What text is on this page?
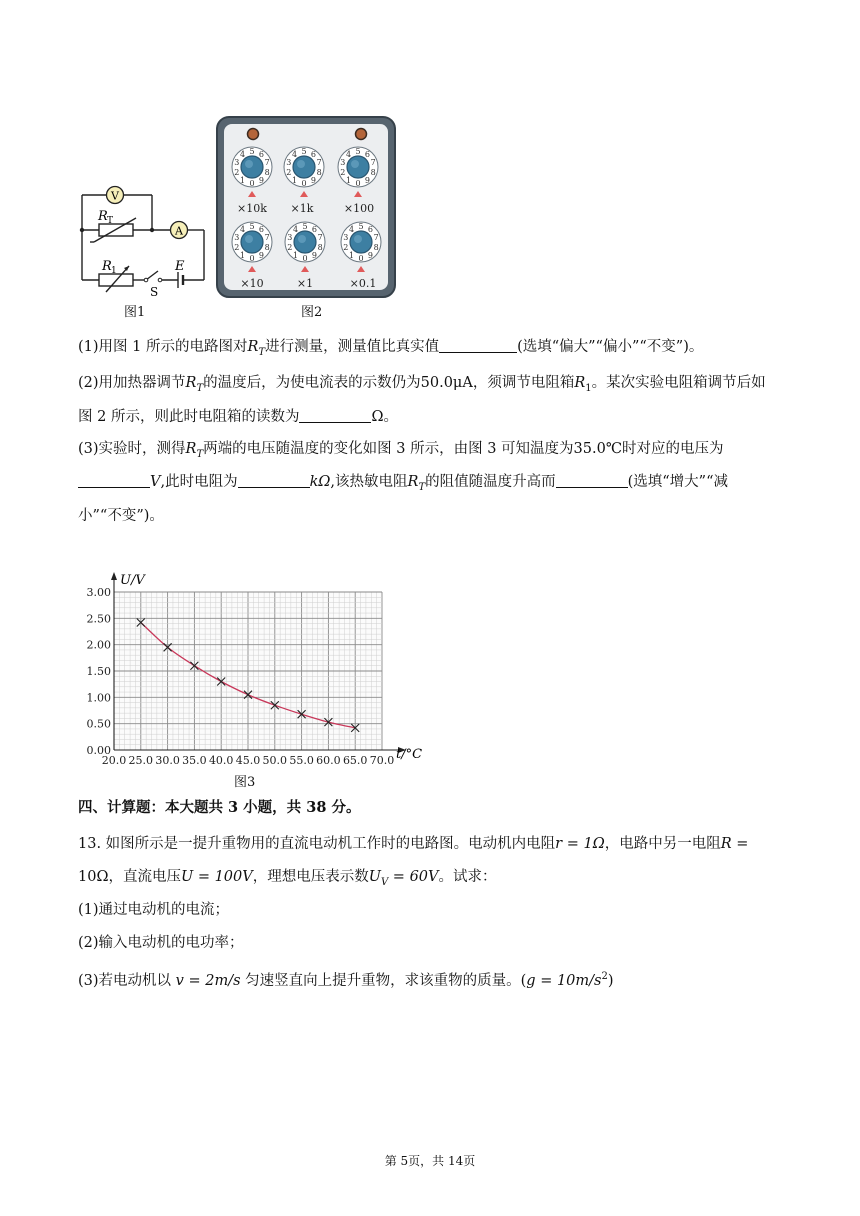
V
A
R T
R 1
S
E
图1
0
1
2
3
4 5 6
7
8
9	0
1
2
3
4 5 6
7
8
9	0
1
2
3
4 5 6
7
8
9
0
1
2
3
4 5 6
7
8
9	0
1
2
3
4 5 6
7
8
9	0
1
2
3
4 5 6
7
8
9
×10k ×1k	×100
×10	×1	×0.1
图2
(1)用图 1 所示的电路图对$R_T$进行测量，测量值比真实值	(选填“偏大”“偏小”“不变”)。
(2)用加热器调节$R_T$的温度后，为使电流表的示数仍为50.0μA，须调节电阻箱$R_1$。某次实验电阻箱调节后如
图 2 所示，则此时电阻箱的读数为	Ω。
(3)实验时，测得$R_T$两端的电压随温度的变化如图 3 所示，由图 3 可知温度为35.0℃时对应的电压为
V,此时电阻为	kΩ,该热敏电阻$R_T$的阻值随温度升高而	(选填“增大”“减
小”“不变”)。
20.0 25.0 30.0 35.0 40.0 45.0 50.0 55.0 60.0 65.0 70.0
0.00
0.50
1.00
1.50
2.00
2.50
3.00
U/V
t/°C
图3
四、计算题：本大题共 3 小题，共 38 分。
13. 如图所示是一提升重物用的直流电动机工作时的电路图。电动机内电阻r = 1Ω，电路中另一电阻R =
10Ω，直流电压U = 100V，理想电压表示数$U_V = 60V$。试求：
(1)通过电动机的电流；
(2)输入电动机的电功率；
(3)若电动机以 v = 2m/s 匀速竖直向上提升重物，求该重物的质量。$(g = 10m/s^2)$
第 5页，共 14页
